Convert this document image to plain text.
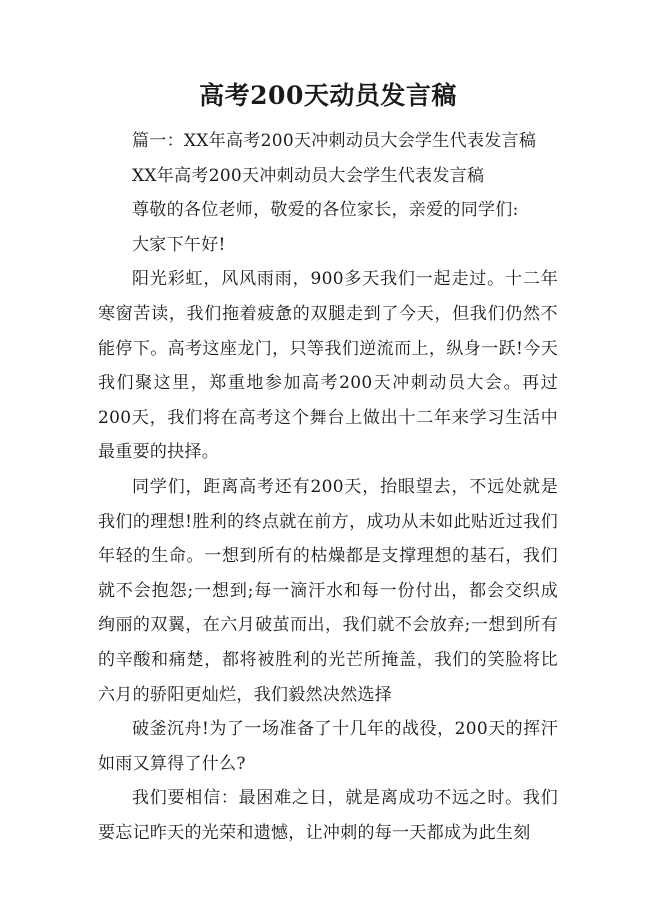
高考200天动员发言稿

篇一：XX年高考200天冲刺动员大会学生代表发言稿

XX年高考200天冲刺动员大会学生代表发言稿

尊敬的各位老师，敬爱的各位家长，亲爱的同学们:

大家下午好!

阳光彩虹，风风雨雨，900多天我们一起走过。十二年寒窗苦读，我们拖着疲惫的双腿走到了今天，但我们仍然不能停下。高考这座龙门，只等我们逆流而上，纵身一跃!今天我们聚这里，郑重地参加高考200天冲刺动员大会。再过200天，我们将在高考这个舞台上做出十二年来学习生活中最重要的抉择。

同学们，距离高考还有200天，抬眼望去，不远处就是我们的理想!胜利的终点就在前方，成功从未如此贴近过我们年轻的生命。一想到所有的枯燥都是支撑理想的基石，我们就不会抱怨;一想到;每一滴汗水和每一份付出，都会交织成绚丽的双翼，在六月破茧而出，我们就不会放弃;一想到所有的辛酸和痛楚，都将被胜利的光芒所掩盖，我们的笑脸将比六月的骄阳更灿烂，我们毅然决然选择

破釜沉舟!为了一场准备了十几年的战役，200天的挥汗如雨又算得了什么?

我们要相信：最困难之日，就是离成功不远之时。我们要忘记昨天的光荣和遗憾，让冲刺的每一天都成为此生刻
